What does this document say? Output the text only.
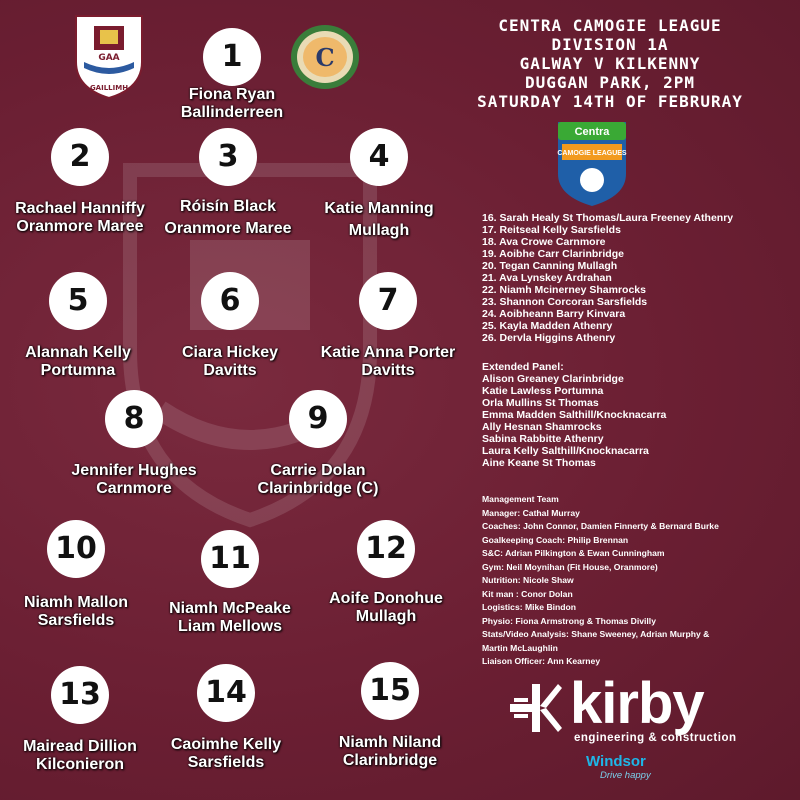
GAA
GAILLIMH
C
CENTRA CAMOGIE LEAGUE
DIVISION 1A
GALWAY V KILKENNY
DUGGAN PARK, 2PM
SATURDAY 14TH OF FEBRURAY
Centra
CAMOGIE LEAGUES
1
Fiona Ryan
Ballinderreen
2
Rachael Hanniffy
Oranmore Maree
3
Róisín Black
Oranmore Maree
4
Katie Manning
Mullagh
5
Alannah Kelly
Portumna
6
Ciara Hickey
Davitts
7
Katie Anna Porter
Davitts
8
Jennifer Hughes
Carnmore
9
Carrie Dolan
Clarinbridge (C)
10
Niamh Mallon
Sarsfields
11
Niamh McPeake
Liam Mellows
12
Aoife Donohue
Mullagh
13
Mairead Dillion
Kilconieron
14
Caoimhe Kelly
Sarsfields
15
Niamh Niland
Clarinbridge
16. Sarah Healy St Thomas/Laura Freeney Athenry
17. Reitseal Kelly Sarsfields
18. Ava Crowe Carnmore
19. Aoibhe Carr Clarinbridge
20. Tegan Canning Mullagh
21. Ava Lynskey Ardrahan
22. Niamh Mcinerney Shamrocks
23. Shannon Corcoran Sarsfields
24. Aoibheann Barry Kinvara
25. Kayla Madden Athenry
26. Dervla Higgins Athenry
Extended Panel:
Alison Greaney Clarinbridge
Katie Lawless Portumna
Orla Mullins St Thomas
Emma Madden Salthill/Knocknacarra
Ally Hesnan Shamrocks
Sabina Rabbitte Athenry
Laura Kelly Salthill/Knocknacarra
Aine Keane St Thomas
Management Team
Manager: Cathal Murray
Coaches: John Connor, Damien Finnerty & Bernard Burke
Goalkeeping Coach: Philip Brennan
S&C: Adrian Pilkington & Ewan Cunningham
Gym: Neil Moynihan (Fit House, Oranmore)
Nutrition: Nicole Shaw
Kit man : Conor Dolan
Logistics: Mike Bindon
Physio: Fiona Armstrong & Thomas Divilly
Stats/Video Analysis: Shane Sweeney, Adrian Murphy &
Martin McLaughlin
Liaison Officer: Ann Kearney
kirby
engineering & construction
Windsor
Drive happy
